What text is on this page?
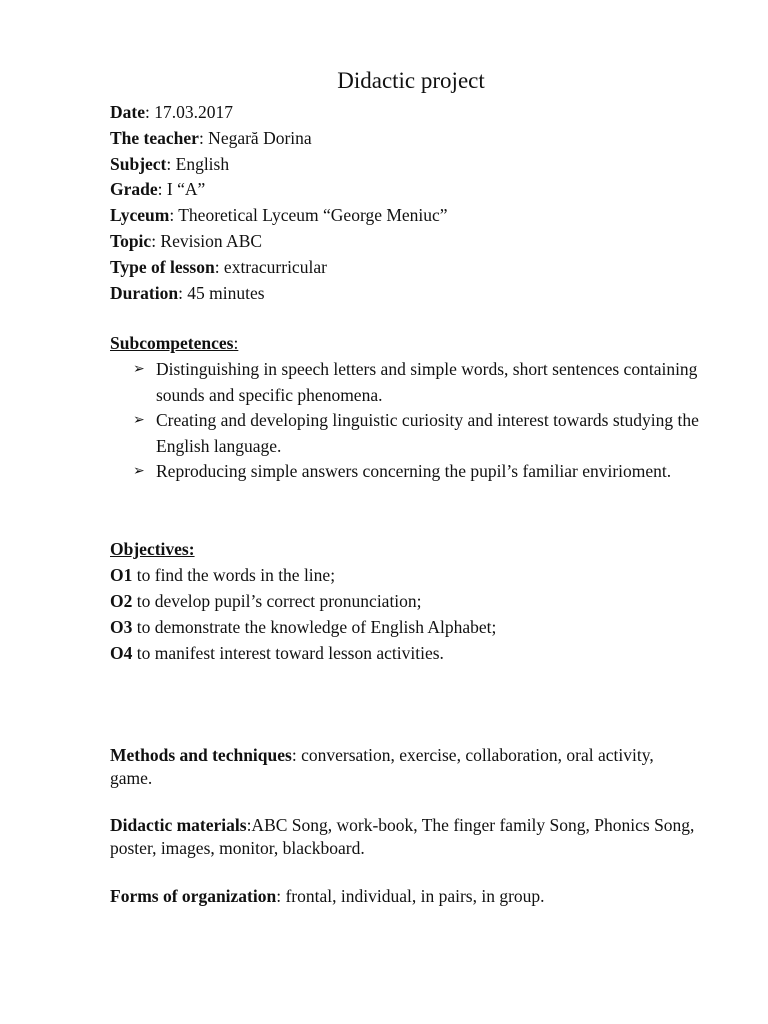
Didactic project
Date: 17.03.2017
The teacher: Negară Dorina
Subject: English
Grade: I “A”
Lyceum: Theoretical Lyceum “George Meniuc”
Topic: Revision ABC
Type of lesson: extracurricular
Duration: 45 minutes
Subcompetences:
➢ Distinguishing in speech letters and simple words, short sentences containing sounds and specific phenomena.
➢ Creating and developing linguistic curiosity and interest towards studying the English language.
➢ Reproducing simple answers concerning the pupil’s familiar envirioment.
Objectives:
O1 to find the words in the line;
O2 to develop pupil’s correct pronunciation;
O3 to demonstrate the knowledge of English Alphabet;
O4 to manifest interest toward lesson activities.
Methods and techniques: conversation, exercise, collaboration, oral activity, game.
Didactic materials:ABC Song, work-book, The finger family Song, Phonics Song, poster, images, monitor, blackboard.
Forms of organization: frontal, individual, in pairs, in group.
